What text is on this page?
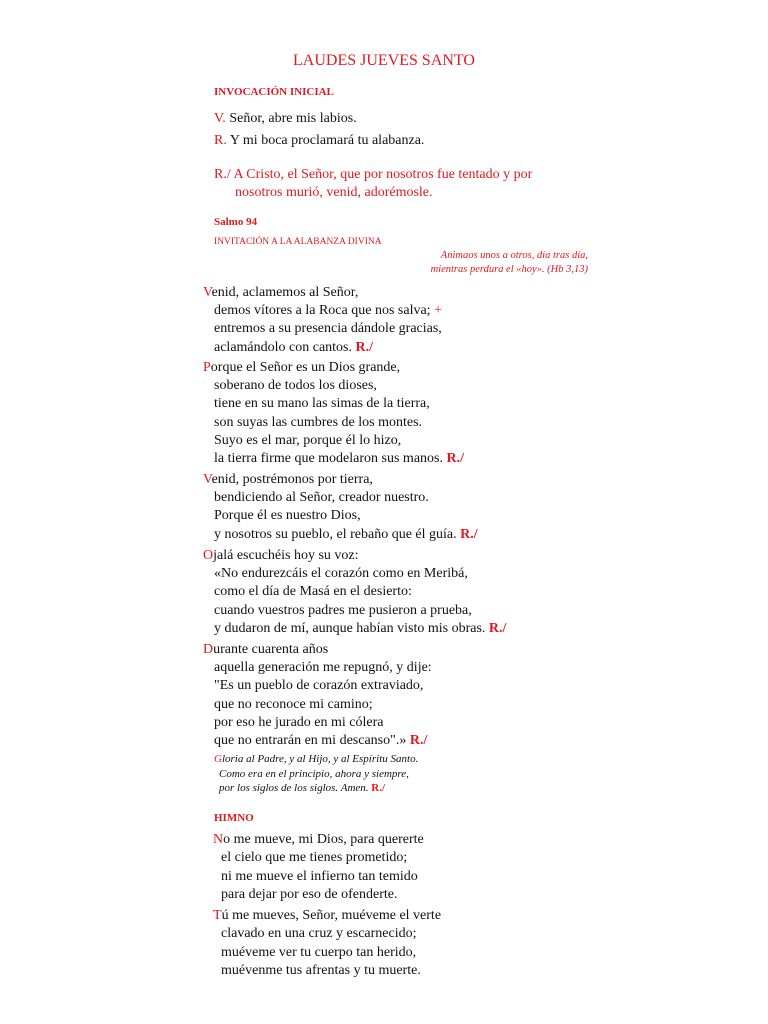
LAUDES JUEVES SANTO
INVOCACIÓN INICIAL
V. Señor, abre mis labios.
R. Y mi boca proclamará tu alabanza.
R./ A Cristo, el Señor, que por nosotros fue tentado y por
nosotros murió, venid, adorémosle.
Salmo 94
INVITACIÓN A LA ALABANZA DIVINA
Animaos unos a otros, día tras día,
mientras perdura el «hoy». (Hb 3,13)
Venid, aclamemos al Señor,
demos vítores a la Roca que nos salva; +
entremos a su presencia dándole gracias,
aclamándolo con cantos. R./
Porque el Señor es un Dios grande,
soberano de todos los dioses,
tiene en su mano las simas de la tierra,
son suyas las cumbres de los montes.
Suyo es el mar, porque él lo hizo,
la tierra firme que modelaron sus manos. R./
Venid, postrémonos por tierra,
bendiciendo al Señor, creador nuestro.
Porque él es nuestro Dios,
y nosotros su pueblo, el rebaño que él guía. R./
Ojalá escuchéis hoy su voz:
«No endurezcáis el corazón como en Meribá,
como el día de Masá en el desierto:
cuando vuestros padres me pusieron a prueba,
y dudaron de mí, aunque habían visto mis obras. R./
Durante cuarenta años
aquella generación me repugnó, y dije:
"Es un pueblo de corazón extraviado,
que no reconoce mi camino;
por eso he jurado en mi cólera
que no entrarán en mi descanso".» R./
Gloria al Padre, y al Hijo, y al Espíritu Santo.
Como era en el principio, ahora y siempre,
por los siglos de los siglos. Amen. R./
HIMNO
No me mueve, mi Dios, para quererte
el cielo que me tienes prometido;
ni me mueve el infierno tan temido
para dejar por eso de ofenderte.
Tú me mueves, Señor, muéveme el verte
clavado en una cruz y escarnecido;
muéveme ver tu cuerpo tan herido,
muévenme tus afrentas y tu muerte.
